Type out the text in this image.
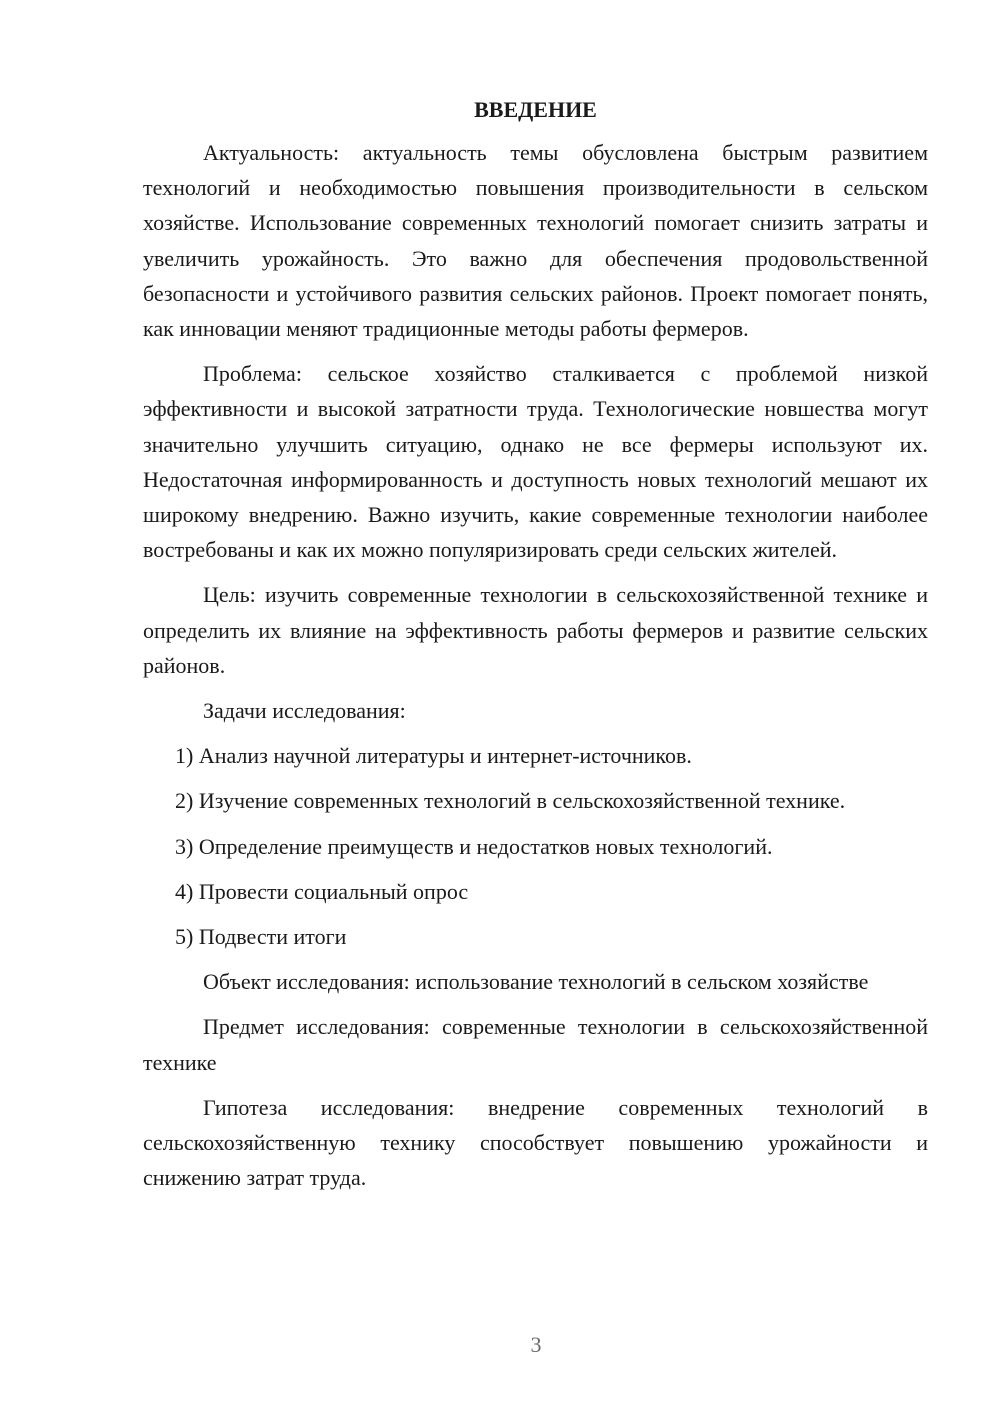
ВВЕДЕНИЕ

Актуальность: актуальность темы обусловлена быстрым развитием технологий и необходимостью повышения производительности в сельском хозяйстве. Использование современных технологий помогает снизить затраты и увеличить урожайность. Это важно для обеспечения продовольственной безопасности и устойчивого развития сельских районов. Проект помогает понять, как инновации меняют традиционные методы работы фермеров.

Проблема: сельское хозяйство сталкивается с проблемой низкой эффективности и высокой затратности труда. Технологические новшества могут значительно улучшить ситуацию, однако не все фермеры используют их. Недостаточная информированность и доступность новых технологий мешают их широкому внедрению. Важно изучить, какие современные технологии наиболее востребованы и как их можно популяризировать среди сельских жителей.

Цель: изучить современные технологии в сельскохозяйственной технике и определить их влияние на эффективность работы фермеров и развитие сельских районов.

Задачи исследования:

1) Анализ научной литературы и интернет-источников.
2) Изучение современных технологий в сельскохозяйственной технике.
3) Определение преимуществ и недостатков новых технологий.
4) Провести социальный опрос
5) Подвести итоги

Объект исследования: использование технологий в сельском хозяйстве

Предмет исследования: современные технологии в сельскохозяйственной технике

Гипотеза исследования: внедрение современных технологий в сельскохозяйственную технику способствует повышению урожайности и снижению затрат труда.

3
